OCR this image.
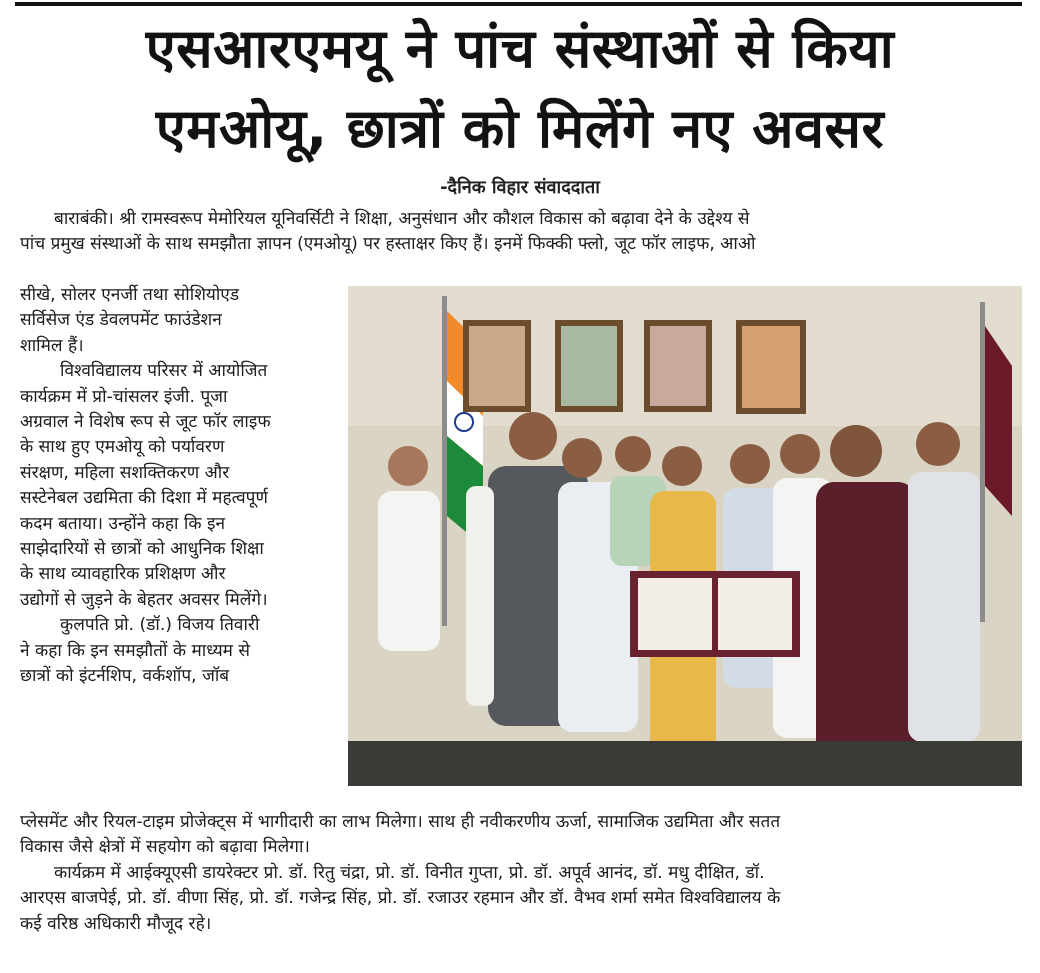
एसआरएमयू ने पांच संस्थाओं से किया
एमओयू, छात्रों को मिलेंगे नए अवसर
-दैनिक विहार संवाददाता
बाराबंकी। श्री रामस्वरूप मेमोरियल यूनिवर्सिटी ने शिक्षा, अनुसंधान और कौशल विकास को बढ़ावा देने के उद्देश्य से
पांच प्रमुख संस्थाओं के साथ समझौता ज्ञापन (एमओयू) पर हस्ताक्षर किए हैं। इनमें फिक्की फ्लो, जूट फॉर लाइफ, आओ
सीखे, सोलर एनर्जी तथा सोशियोएड
सर्विसेज एंड डेवलपमेंट फाउंडेशन
शामिल हैं।
विश्वविद्यालय परिसर में आयोजित
कार्यक्रम में प्रो-चांसलर इंजी. पूजा
अग्रवाल ने विशेष रूप से जूट फॉर लाइफ
के साथ हुए एमओयू को पर्यावरण
संरक्षण, महिला सशक्तिकरण और
सस्टेनेबल उद्यमिता की दिशा में महत्वपूर्ण
कदम बताया। उन्होंने कहा कि इन
साझेदारियों से छात्रों को आधुनिक शिक्षा
के साथ व्यावहारिक प्रशिक्षण और
उद्योगों से जुड़ने के बेहतर अवसर मिलेंगे।
कुलपति प्रो. (डॉ.) विजय तिवारी
ने कहा कि इन समझौतों के माध्यम से
छात्रों को इंटर्नशिप, वर्कशॉप, जॉब
प्लेसमेंट और रियल-टाइम प्रोजेक्ट्स में भागीदारी का लाभ मिलेगा। साथ ही नवीकरणीय ऊर्जा, सामाजिक उद्यमिता और सतत
विकास जैसे क्षेत्रों में सहयोग को बढ़ावा मिलेगा।
कार्यक्रम में आईक्यूएसी डायरेक्टर प्रो. डॉ. रितु चंद्रा, प्रो. डॉ. विनीत गुप्ता, प्रो. डॉ. अपूर्व आनंद, डॉ. मधु दीक्षित, डॉ.
आरएस बाजपेई, प्रो. डॉ. वीणा सिंह, प्रो. डॉ. गजेन्द्र सिंह, प्रो. डॉ. रजाउर रहमान और डॉ. वैभव शर्मा समेत विश्वविद्यालय के
कई वरिष्ठ अधिकारी मौजूद रहे।
